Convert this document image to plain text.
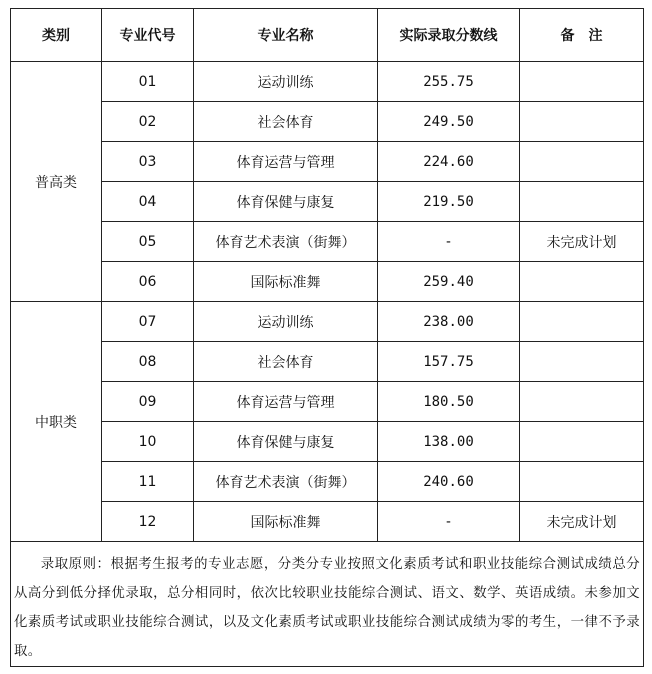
类别	专业代号	专业名称	实际录取分数线	备　注
普高类	01	运动训练	255.75	
	02	社会体育	249.50	
	03	体育运营与管理	224.60	
	04	体育保健与康复	219.50	
	05	体育艺术表演（街舞）	-	未完成计划
	06	国际标准舞	259.40	
中职类	07	运动训练	238.00	
	08	社会体育	157.75	
	09	体育运营与管理	180.50	
	10	体育保健与康复	138.00	
	11	体育艺术表演（街舞）	240.60	
	12	国际标准舞	-	未完成计划

录取原则：根据考生报考的专业志愿，分类分专业按照文化素质考试和职业技能综合测试成绩总分从高分到低分择优录取，总分相同时，依次比较职业技能综合测试、语文、数学、英语成绩。未参加文化素质考试或职业技能综合测试，以及文化素质考试或职业技能综合测试成绩为零的考生，一律不予录取。				
